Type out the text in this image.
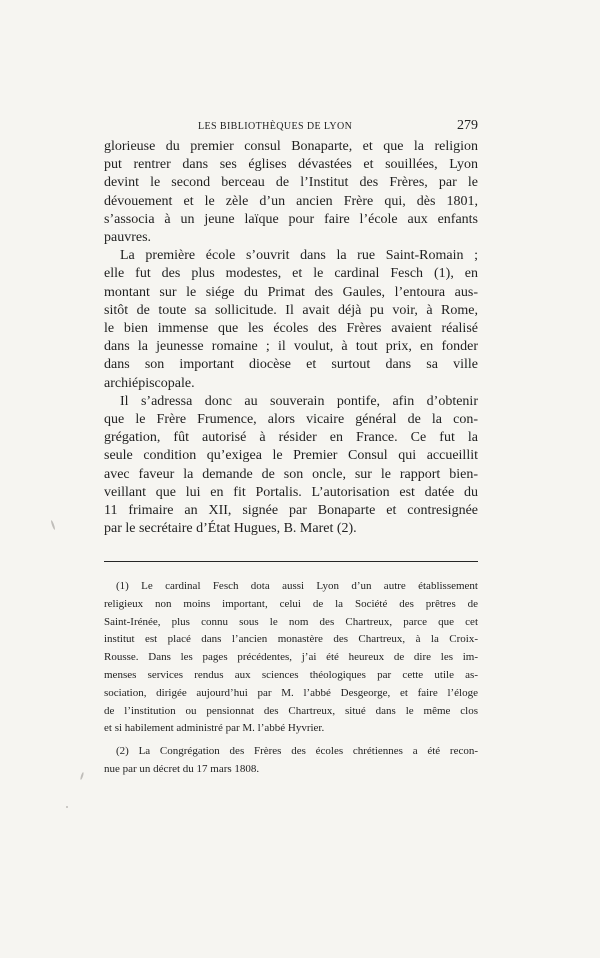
LES BIBLIOTHÈQUES DE LYON	279
glorieuse du premier consul Bonaparte, et que la religion
put rentrer dans ses églises dévastées et souillées, Lyon
devint le second berceau de l’Institut des Frères, par le
dévouement et le zèle d’un ancien Frère qui, dès 1801,
s’associa à un jeune laïque pour faire l’école aux enfants
pauvres.
La première école s’ouvrit dans la rue Saint-Romain ;
elle fut des plus modestes, et le cardinal Fesch (1), en
montant sur le siége du Primat des Gaules, l’entoura aus-
sitôt de toute sa sollicitude. Il avait déjà pu voir, à Rome,
le bien immense que les écoles des Frères avaient réalisé
dans la jeunesse romaine ; il voulut, à tout prix, en fonder
dans son important diocèse et surtout dans sa ville
archiépiscopale.
Il s’adressa donc au souverain pontife, afin d’obtenir
que le Frère Frumence, alors vicaire général de la con-
grégation, fût autorisé à résider en France. Ce fut la
seule condition qu’exigea le Premier Consul qui accueillit
avec faveur la demande de son oncle, sur le rapport bien-
veillant que lui en fit Portalis. L’autorisation est datée du
11 frimaire an XII, signée par Bonaparte et contresignée
par le secrétaire d’État Hugues, B. Maret (2).
(1) Le cardinal Fesch dota aussi Lyon d’un autre établissement
religieux non moins important, celui de la Société des prêtres de
Saint-Irénée, plus connu sous le nom des Chartreux, parce que cet
institut est placé dans l’ancien monastère des Chartreux, à la Croix-
Rousse. Dans les pages précédentes, j’ai été heureux de dire les im-
menses services rendus aux sciences théologiques par cette utile as-
sociation, dirigée aujourd’hui par M. l’abbé Desgeorge, et faire l’éloge
de l’institution ou pensionnat des Chartreux, situé dans le même clos
et si habilement administré par M. l’abbé Hyvrier.
(2) La Congrégation des Frères des écoles chrétiennes a été recon-
nue par un décret du 17 mars 1808.
